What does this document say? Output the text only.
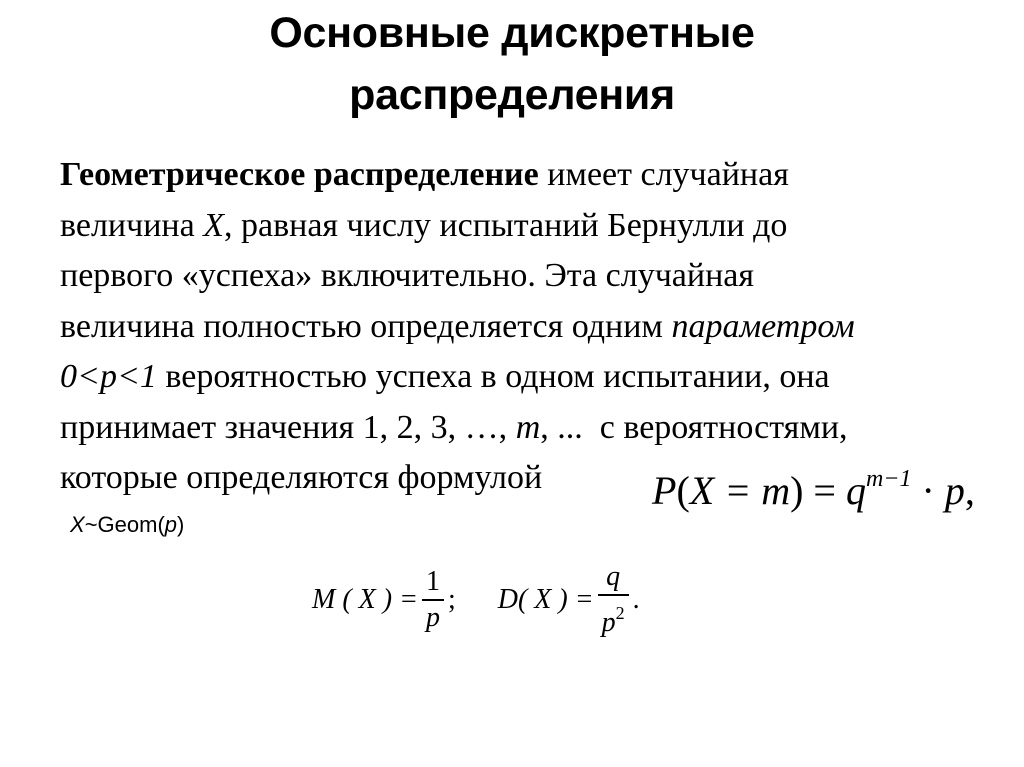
Основные дискретные
распределения
Геометрическое распределение имеет случайная
величина X, равная числу испытаний Бернулли до
первого «успеха» включительно. Эта случайная
величина полностью определяется одним параметром
0<p<1 вероятностью успеха в одном испытании, она
принимает значения 1, 2, 3, …, m, ...  с вероятностями,
которые определяются формулой	$P(X = m) = q^{m-1} \cdot p$,
X~Geom(p)
M ( X ) = $\frac{1}{p}$ ; D( X ) = $\frac{q}{p^2}$ .
